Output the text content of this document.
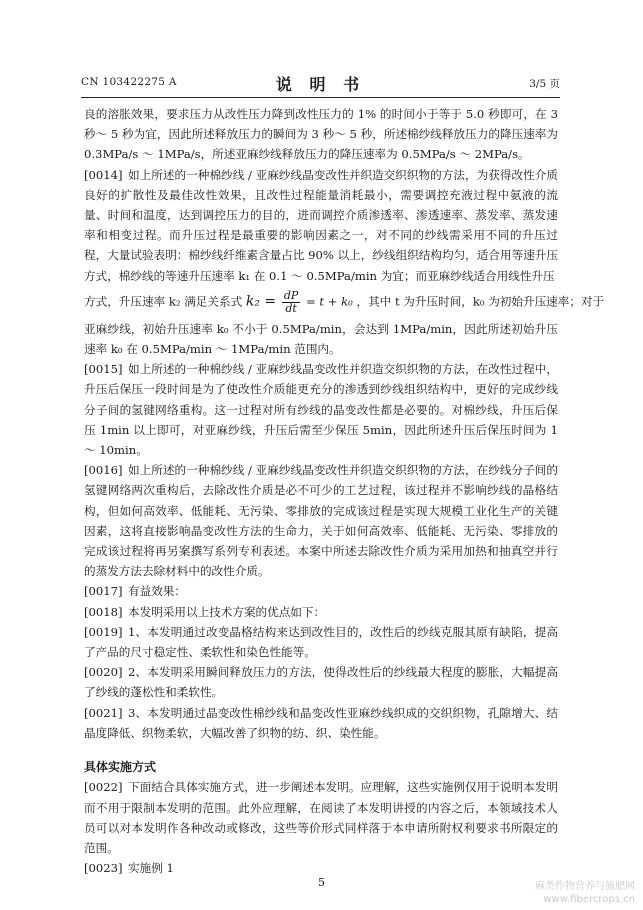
CN 103422275 A	说 明 书	3/5 页

良的溶胀效果，要求压力从改性压力降到改性压力的 1% 的时间小于等于 5.0 秒即可，在 3 秒～ 5 秒为宜，因此所述释放压力的瞬间为 3 秒～ 5 秒，所述棉纱线释放压力的降压速率为 0.3MPa/s ～ 1MPa/s，所述亚麻纱线释放压力的降压速率为 0.5MPa/s ～ 2MPa/s。

[0014] 如上所述的一种棉纱线 / 亚麻纱线晶变改性并织造交织织物的方法，为获得改性介质良好的扩散性及最佳改性效果，且改性过程能量消耗最小，需要调控充液过程中氨液的流量、时间和温度，达到调控压力的目的，进而调控介质渗透率、渗透速率、蒸发率、蒸发速率和相变过程。而升压过程是最重要的影响因素之一，对不同的纱线需采用不同的升压过程，大量试验表明：棉纱线纤维素含量占比 90% 以上，纱线组织结构均匀，适合用等速升压方式，棉纱线的等速升压速率 k₁ 在 0.1 ～ 0.5MPa/min 为宜；而亚麻纱线适合用线性升压

方式，升压速率 k₂ 满足关系式 $k_2 = \frac{dP}{dt} = t + k_0$ ，其中 t 为升压时间，k₀ 为初始升压速率；对于

亚麻纱线，初始升压速率 k₀ 不小于 0.5MPa/min，会达到 1MPa/min，因此所述初始升压速率 k₀ 在 0.5MPa/min ～ 1MPa/min 范围内。

[0015] 如上所述的一种棉纱线 / 亚麻纱线晶变改性并织造交织织物的方法，在改性过程中，升压后保压一段时间是为了使改性介质能更充分的渗透到纱线组织结构中，更好的完成纱线分子间的氢键网络重构。这一过程对所有纱线的晶变改性都是必要的。对棉纱线，升压后保压 1min 以上即可，对亚麻纱线，升压后需至少保压 5min，因此所述升压后保压时间为 1 ～ 10min。

[0016] 如上所述的一种棉纱线 / 亚麻纱线晶变改性并织造交织织物的方法，在纱线分子间的氢键网络两次重构后，去除改性介质是必不可少的工艺过程，该过程并不影响纱线的晶格结构，但如何高效率、低能耗、无污染、零排放的完成该过程是实现大规模工业化生产的关键因素，这将直接影响晶变改性方法的生命力，关于如何高效率、低能耗、无污染、零排放的完成该过程将再另案撰写系列专利表述。本案中所述去除改性介质为采用加热和抽真空并行的蒸发方法去除材料中的改性介质。

[0017] 有益效果：

[0018] 本发明采用以上技术方案的优点如下：

[0019] 1、本发明通过改变晶格结构来达到改性目的，改性后的纱线克服其原有缺陷，提高了产品的尺寸稳定性、柔软性和染色性能等。

[0020] 2、本发明采用瞬间释放压力的方法，使得改性后的纱线最大程度的膨胀，大幅提高了纱线的蓬松性和柔软性。

[0021] 3、本发明通过晶变改性棉纱线和晶变改性亚麻纱线织成的交织织物，孔隙增大、结晶度降低、织物柔软，大幅改善了织物的纺、织、染性能。

具体实施方式

[0022] 下面结合具体实施方式，进一步阐述本发明。应理解，这些实施例仅用于说明本发明而不用于限制本发明的范围。此外应理解，在阅读了本发明讲授的内容之后，本领域技术人员可以对本发明作各种改动或修改，这些等价形式同样落于本申请所附权利要求书所限定的范围。

[0023] 实施例 1

5	麻类作物营养与施肥网
www.fibercrops.cn
